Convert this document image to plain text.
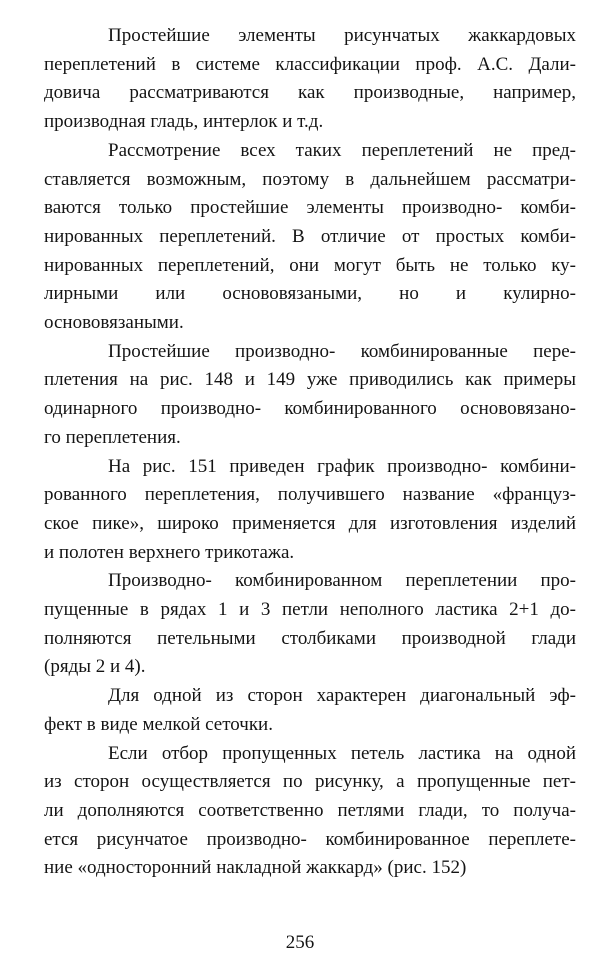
Простейшие элементы рисунчатых жаккардовых
переплетений в системе классификации проф. А.С. Дали-
довича рассматриваются как производные, например,
производная гладь, интерлок и т.д.
Рассмотрение всех таких переплетений не пред-
ставляется возможным, поэтому в дальнейшем рассматри-
ваются только простейшие элементы производно- комби-
нированных переплетений. В отличие от простых комби-
нированных переплетений, они могут быть не только ку-
лирными или основовязаными, но и кулирно-
основовязаными.
Простейшие производно- комбинированные пере-
плетения на рис. 148 и 149 уже приводились как примеры
одинарного производно- комбинированного основовязано-
го переплетения.
На рис. 151 приведен график производно- комбини-
рованного переплетения, получившего название «француз-
ское пике», широко применяется для изготовления изделий
и полотен верхнего трикотажа.
Производно- комбинированном переплетении про-
пущенные в рядах 1 и 3 петли неполного ластика 2+1 до-
полняются петельными столбиками производной глади
(ряды 2 и 4).
Для одной из сторон характерен диагональный эф-
фект в виде мелкой сеточки.
Если отбор пропущенных петель ластика на одной
из сторон осуществляется по рисунку, а пропущенные пет-
ли дополняются соответственно петлями глади, то получа-
ется рисунчатое производно- комбинированное переплете-
ние «односторонний накладной жаккард» (рис. 152)
256
